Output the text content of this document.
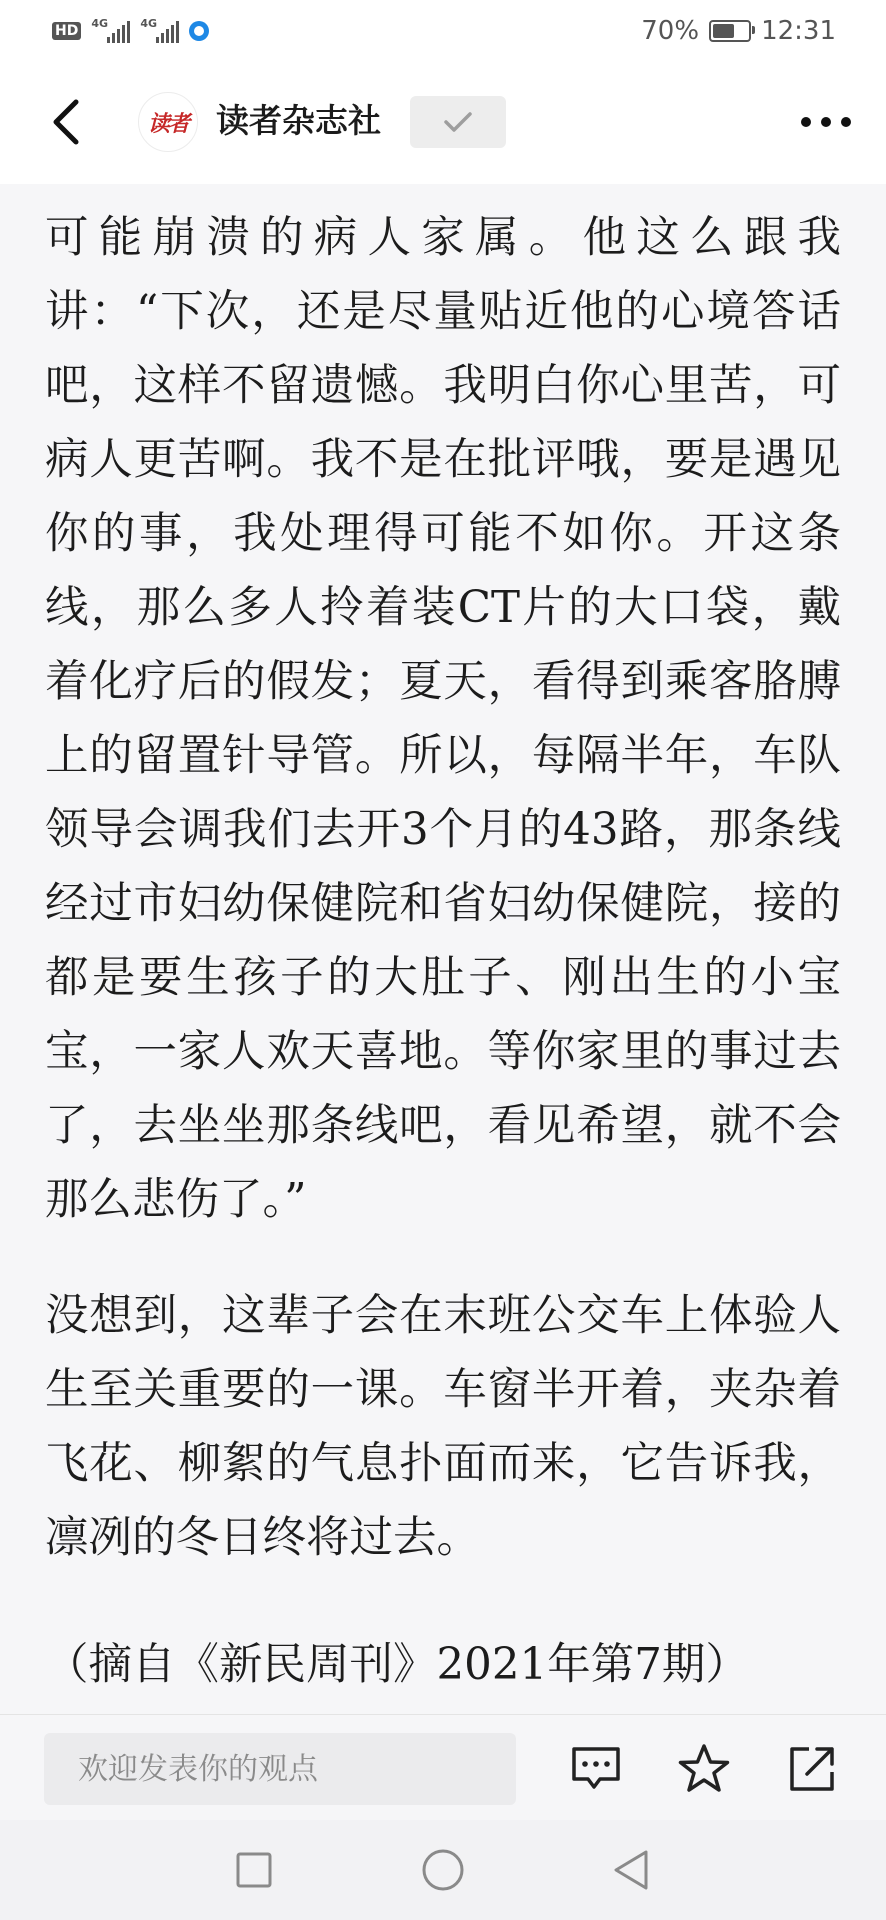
HD 4G	4G	70% 12:31
读者 读者杂志社

可能崩溃的病人家属。他这么跟我讲：“下次，还是尽量贴近他的心境答话吧，这样不留遗憾。我明白你心里苦，可病人更苦啊。我不是在批评哦，要是遇见你的事，我处理得可能不如你。开这条线，那么多人拎着装CT片的大口袋，戴着化疗后的假发；夏天，看得到乘客胳膊上的留置针导管。所以，每隔半年，车队领导会调我们去开3个月的43路，那条线经过市妇幼保健院和省妇幼保健院，接的都是要生孩子的大肚子、刚出生的小宝宝，一家人欢天喜地。等你家里的事过去了，去坐坐那条线吧，看见希望，就不会那么悲伤了。”

没想到，这辈子会在末班公交车上体验人生至关重要的一课。车窗半开着，夹杂着飞花、柳絮的气息扑面而来，它告诉我，凛冽的冬日终将过去。

（摘自《新民周刊》2021年第7期）

欢迎发表你的观点
